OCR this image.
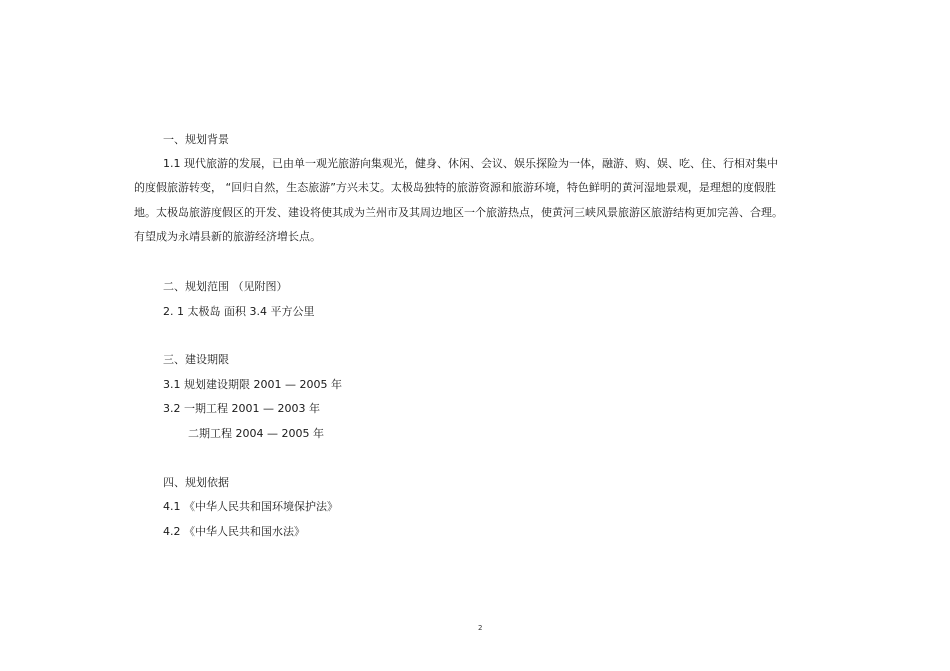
一、规划背景
1.1 现代旅游的发展，已由单一观光旅游向集观光，健身、休闲、会议、娱乐探险为一体，融游、购、娱、吃、住、行相对集中
的度假旅游转变， “回归自然，生态旅游”方兴未艾。太极岛独特的旅游资源和旅游环境，特色鲜明的黄河湿地景观，是理想的度假胜
地。太极岛旅游度假区的开发、建设将使其成为兰州市及其周边地区一个旅游热点，使黄河三峡风景旅游区旅游结构更加完善、合理。
有望成为永靖县新的旅游经济增长点。
二、规划范围 （见附图）
2. 1 太极岛 面积 3.4 平方公里
三、建设期限
3.1 规划建设期限 2001 — 2005 年
3.2 一期工程 2001 — 2003 年
二期工程 2004 — 2005 年
四、规划依据
4.1 《中华人民共和国环境保护法》
4.2 《中华人民共和国水法》
2
